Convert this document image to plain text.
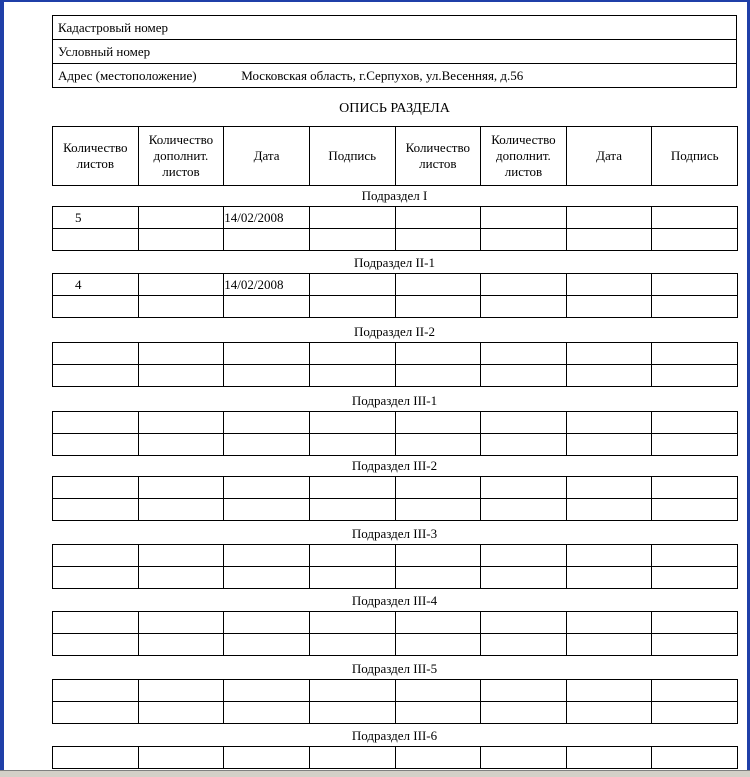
Кадастровый номер
Условный номер
Адрес (местоположение)	Московская область, г.Серпухов, ул.Весенняя, д.56
ОПИСЬ РАЗДЕЛА
Количество листов	Количество дополнит. листов	Дата	Подпись	Количество листов	Количество дополнит. листов	Дата	Подпись
Подраздел I
5		14/02/2008					

Подраздел II-1
4		14/02/2008					

Подраздел II-2

Подраздел III-1

Подраздел III-2

Подраздел III-3

Подраздел III-4

Подраздел III-5

Подраздел III-6
